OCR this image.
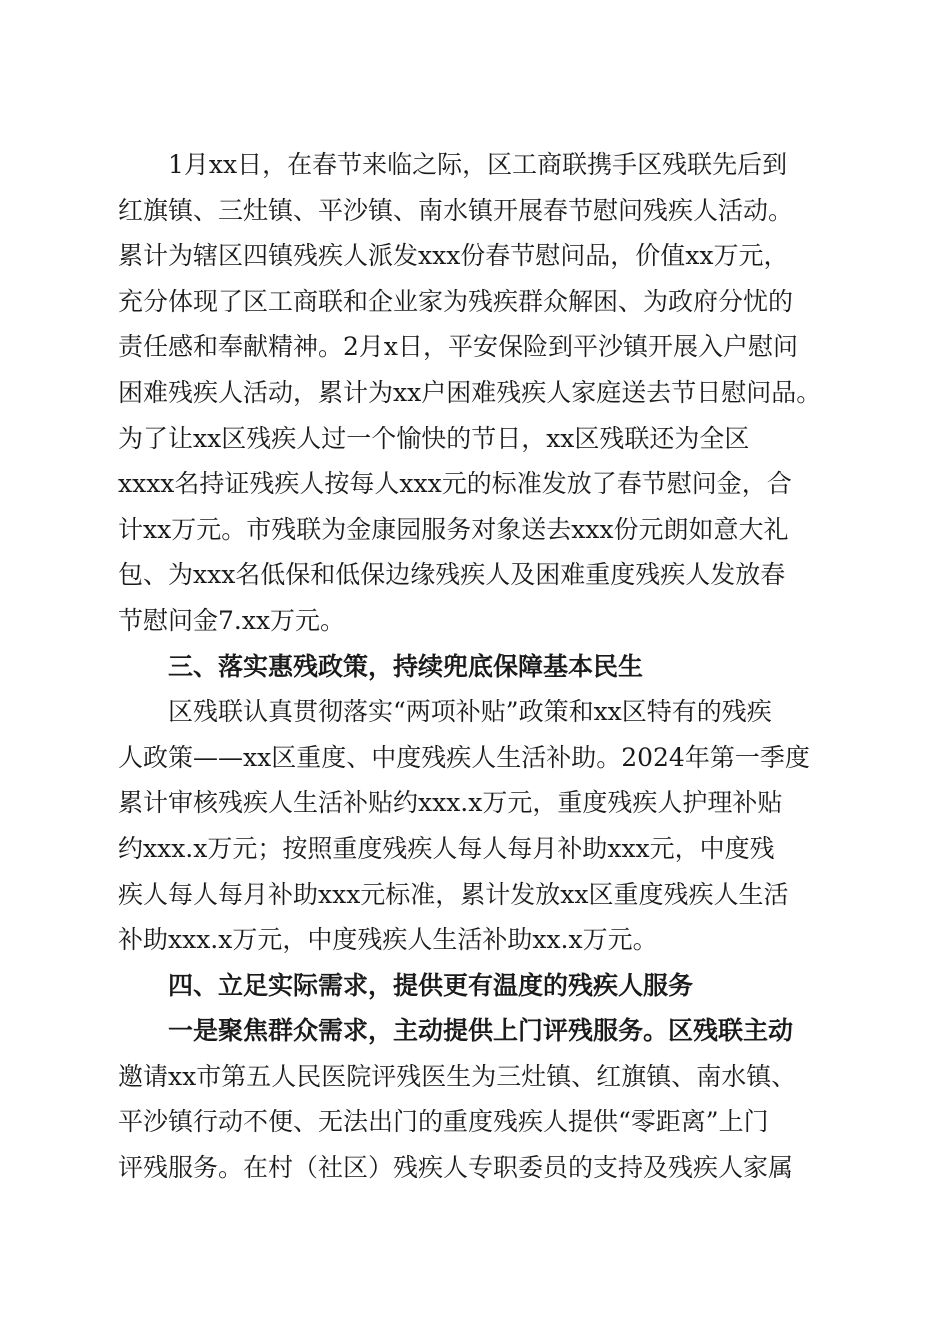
　　1月xx日，在春节来临之际，区工商联携手区残联先后到
红旗镇、三灶镇、平沙镇、南水镇开展春节慰问残疾人活动。
累计为辖区四镇残疾人派发xxx份春节慰问品，价值xx万元，
充分体现了区工商联和企业家为残疾群众解困、为政府分忧的
责任感和奉献精神。2月x日，平安保险到平沙镇开展入户慰问
困难残疾人活动，累计为xx户困难残疾人家庭送去节日慰问品。
为了让xx区残疾人过一个愉快的节日，xx区残联还为全区
xxxx名持证残疾人按每人xxx元的标准发放了春节慰问金，合
计xx万元。市残联为金康园服务对象送去xxx份元朗如意大礼
包、为xxx名低保和低保边缘残疾人及困难重度残疾人发放春
节慰问金7.xx万元。
　　三、落实惠残政策，持续兜底保障基本民生
　　区残联认真贯彻落实“两项补贴”政策和xx区特有的残疾
人政策——xx区重度、中度残疾人生活补助。2024年第一季度
累计审核残疾人生活补贴约xxx.x万元，重度残疾人护理补贴
约xxx.x万元；按照重度残疾人每人每月补助xxx元，中度残
疾人每人每月补助xxx元标准，累计发放xx区重度残疾人生活
补助xxx.x万元，中度残疾人生活补助xx.x万元。
　　四、立足实际需求，提供更有温度的残疾人服务
　　一是聚焦群众需求，主动提供上门评残服务。区残联主动
邀请xx市第五人民医院评残医生为三灶镇、红旗镇、南水镇、
平沙镇行动不便、无法出门的重度残疾人提供“零距离”上门
评残服务。在村（社区）残疾人专职委员的支持及残疾人家属
